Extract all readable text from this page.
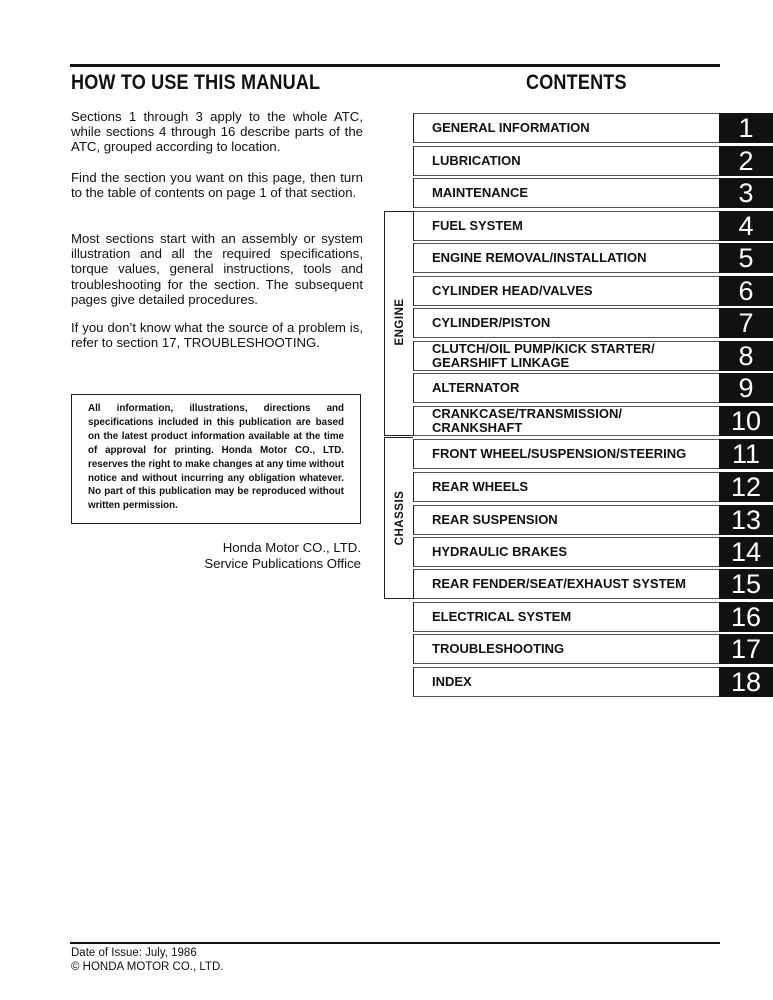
HOW TO USE THIS MANUAL	CONTENTS
Sections 1 through 3 apply to the whole ATC, while sections 4 through 16 describe parts of the ATC, grouped according to location.
Find the section you want on this page, then turn to the table of contents on page 1 of that section.
Most sections start with an assembly or system illustration and all the required specifications, torque values, general instructions, tools and troubleshooting for the section. The subsequent pages give detailed procedures.
If you don’t know what the source of a problem is, refer to section 17, TROUBLESHOOTING.
All information, illustrations, directions and specifications included in this publication are based on the latest product information available at the time of approval for printing. Honda Motor CO., LTD. reserves the right to make changes at any time without notice and without incurring any obligation whatever. No part of this publication may be reproduced without written permission.
Honda Motor CO., LTD.
Service Publications Office
ENGINE
CHASSIS
GENERAL INFORMATION	1
LUBRICATION	2
MAINTENANCE	3
FUEL SYSTEM	4
ENGINE REMOVAL/INSTALLATION	5
CYLINDER HEAD/VALVES	6
CYLINDER/PISTON	7
CLUTCH/OIL PUMP/KICK STARTER/
GEARSHIFT LINKAGE	8
ALTERNATOR	9
CRANKCASE/TRANSMISSION/
CRANKSHAFT	10
FRONT WHEEL/SUSPENSION/STEERING	11
REAR WHEELS	12
REAR SUSPENSION	13
HYDRAULIC BRAKES	14
REAR FENDER/SEAT/EXHAUST SYSTEM	15
ELECTRICAL SYSTEM	16
TROUBLESHOOTING	17
INDEX	18
Date of Issue: July, 1986
© HONDA MOTOR CO., LTD.
